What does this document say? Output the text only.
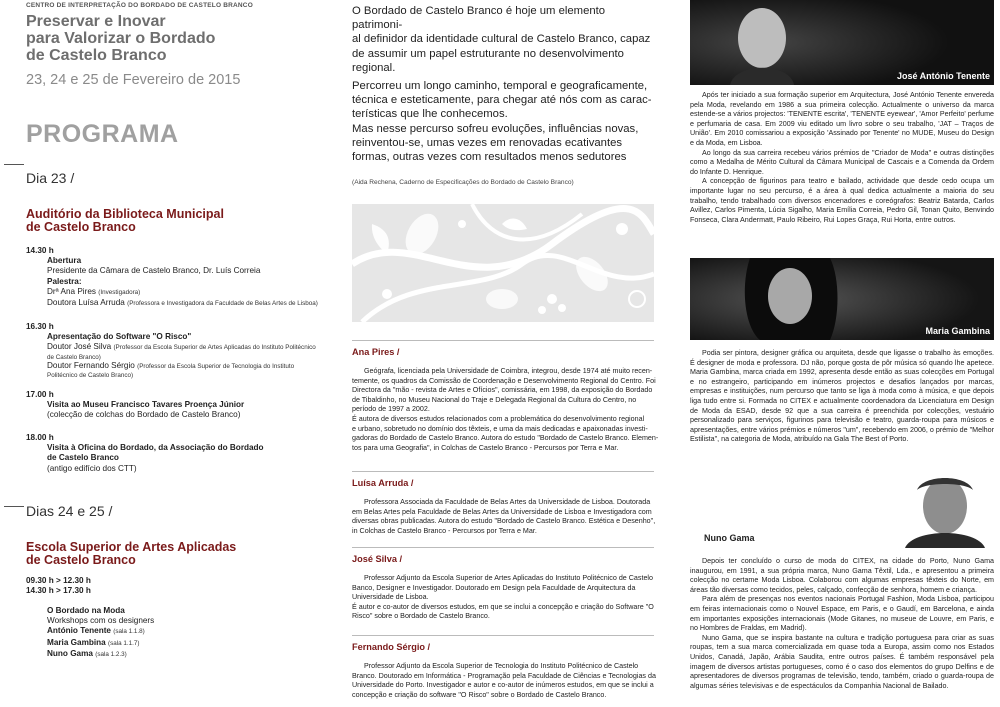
CENTRO DE INTERPRETAÇÃO DO BORDADO DE CASTELO BRANCO
Preservar e Inovar
para Valorizar o Bordado
de Castelo Branco
23, 24 e 25 de Fevereiro de 2015
PROGRAMA
Dia 23 /
Auditório da Biblioteca Municipal
de Castelo Branco
14.30 h
Abertura
Presidente da Câmara de Castelo Branco, Dr. Luís Correia
Palestra:
Drª Ana Pires (Investigadora)
Doutora Luísa Arruda (Professora e Investigadora da Faculdade de Belas Artes de Lisboa)
16.30 h
Apresentação do Software "O Risco"
Doutor José Silva (Professor da Escola Superior de Artes Aplicadas do Instituto Politécnico
de Castelo Branco)
Doutor Fernando Sérgio (Professor da Escola Superior de Tecnologia do Instituto
Politécnico de Castelo Branco)
17.00 h
Visita ao Museu Francisco Tavares Proença Júnior
(colecção de colchas do Bordado de Castelo Branco)
18.00 h
Visita à Oficina do Bordado, da Associação do Bordado
de Castelo Branco
(antigo edifício dos CTT)
Dias 24 e 25 /
Escola Superior de Artes Aplicadas
de Castelo Branco
09.30 h > 12.30 h
14.30 h > 17.30 h
O Bordado na Moda
Workshops com os designers
António Tenente (sala 1.1.8)
Maria Gambina (sala 1.1.7)
Nuno Gama (sala 1.2.3)
O Bordado de Castelo Branco é hoje um elemento patrimoni-
al definidor da identidade cultural de Castelo Branco, capaz
de assumir um papel estruturante no desenvolvimento
regional.
Percorreu um longo caminho, temporal e geograficamente,
técnica e esteticamente, para chegar até nós com as carac-
terísticas que lhe conhecemos.
Mas nesse percurso sofreu evoluções, influências novas,
reinventou-se, umas vezes em renovadas ecativantes
formas, outras vezes com resultados menos sedutores
(Aida Rechena, Caderno de Especificações do Bordado de Castelo Branco)
Ana Pires /
Geógrafa, licenciada pela Universidade de Coimbra, integrou, desde 1974 até muito recen-
temente, os quadros da Comissão de Coordenação e Desenvolvimento Regional do Centro. Foi
Directora da "mão - revista de Artes e Ofícios", comissária, em 1998, da exposição do Bordado
de Tibaldinho, no Museu Nacional do Traje e Delegada Regional da Cultura do Centro, no
período de 1997 a 2002.
É autora de diversos estudos relacionados com a problemática do desenvolvimento regional
e urbano, sobretudo no domínio dos têxteis, e uma da mais dedicadas e apaixonadas investi-
gadoras do Bordado de Castelo Branco. Autora do estudo "Bordado de Castelo Branco. Elemen-
tos para uma Geografia", in Colchas de Castelo Branco - Percursos por Terra e Mar.
Luísa Arruda /
Professora Associada da Faculdade de Belas Artes da Universidade de Lisboa. Doutorada
em Belas Artes pela Faculdade de Belas Artes da Universidade de Lisboa e Investigadora com
diversas obras publicadas. Autora do estudo "Bordado de Castelo Branco. Estética e Desenho",
in Colchas de Castelo Branco - Percursos por Terra e Mar.
José Silva /
Professor Adjunto da Escola Superior de Artes Aplicadas do Instituto Politécnico de Castelo
Banco, Designer e Investigador. Doutorado em Design pela Faculdade de Arquitectura da
Universidade de Lisboa.
É autor e co-autor de diversos estudos, em que se inclui a concepção e criação do Software "O
Risco" sobre o Bordado de Castelo Branco.
Fernando Sérgio /
Professor Adjunto da Escola Superior de Tecnologia do Instituto Politécnico de Castelo
Branco. Doutorado em Informática - Programação pela Faculdade de Ciências e Tecnologias da
Universidade do Porto. Investigador e autor e co-autor de inúmeros estudos, em que se inclui a
concepção e criação do software "O Risco" sobre o Bordado de Castelo Branco.
José António Tenente

Após ter iniciado a sua formação superior em Arquitectura, José António Tenente enveredа pela Moda, revelando em 1986 a sua primeira colecção. Actualmente o universo da marca estende-se a vários projectos: 'TENENTE escrita', 'TENENTE eyewear', 'Amor Perfeito' perfume e perfumaria de casa. Em 2009 viu editado um livro sobre o seu trabalho, 'JAT – Traços de União'. Em 2010 comissariou a exposição 'Assinado por Tenente' no MUDE, Museu do Design e da Moda, em Lisboa.

Ao longo da sua carreira recebeu vários prémios de "Criador de Moda" e outras distinções como a Medalha de Mérito Cultural da Câmara Municipal de Cascais e a Comenda da Ordem do Infante D. Henrique.

A concepção de figurinos para teatro e bailado, actividade que desde cedo ocupa um importante lugar no seu percurso, é a área à qual dedica actualmente a maioria do seu trabalho, tendo trabalhado com diversos encenadores e coreógrafos: Beatriz Batarda, Carlos Avillez, Carlos Pimenta, Lúcia Sigalho, Maria Emília Correia, Pedro Gil, Tonan Quito, Benvindo Fonseca, Clara Andermatt, Paulo Ribeiro, Rui Lopes Graça, Rui Horta, entre outros.

Maria Gambina

Podia ser pintora, designer gráfica ou arquiteta, desde que ligasse o trabalho às emoções. É designer de moda e professora. DJ não, porque gosta de pôr música só quando lhe apetece. Maria Gambina, marca criada em 1992, apresenta desde então as suas colecções em Portugal e no estrangeiro, participando em inúmeros projectos e desafios lançados por marcas, empresas e instituições, num percurso que tanto se liga à moda como à música, e que depois liga tudo entre si. Formada no CITEX e actualmente coordenadora da Licenciatura em Design de Moda da ESAD, desde 92 que a sua carreira é preenchida por colecções, vestuário personalizado para serviços, figurinos para televisão e teatro, guarda-roupa para músicos e apresentações, entre vários prémios e números "um", recebendo em 2006, o prémio de "Melhor Estilista", na categoria de Moda, atribuído na Gala The Best of Porto.

Nuno Gama

Depois ter concluído o curso de moda do CITEX, na cidade do Porto, Nuno Gama inaugurou, em 1991, a sua própria marca, Nuno Gama Têxtil, Lda., e apresentou a primeira colecção no certame Moda Lisboa. Colaborou com algumas empresas têxteis do Norte, em áreas tão diversas como tecidos, peles, calçado, confecção de senhora, homem e criança.

Para além de presenças nos eventos nacionais Portugal Fashion, Moda Lisboa, participou em feiras internacionais como o Nouvel Espace, em Paris, e o Gaudí, em Barcelona, e ainda em importantes exposições internacionais (Mode Gitanes, no museue de Louvre, em Paris, e no Hombres de Fraldas, em Madrid).

Nuno Gama, que se inspira bastante na cultura e tradição portuguesa para criar as suas roupas, tem a sua marca comercializada em quase toda a Europa, assim como nos Estados Unidos, Canadá, Japão, Arábia Saudita, entre outros países. É também responsável pela imagem de diversos artistas portugueses, como é o caso dos elementos do grupo Delfins e de apresentadores de diversos programas de televisão, tendo, também, criado o guarda-roupa de algumas séries televisivas e de espectáculos da Companhia Nacional de Bailado.
